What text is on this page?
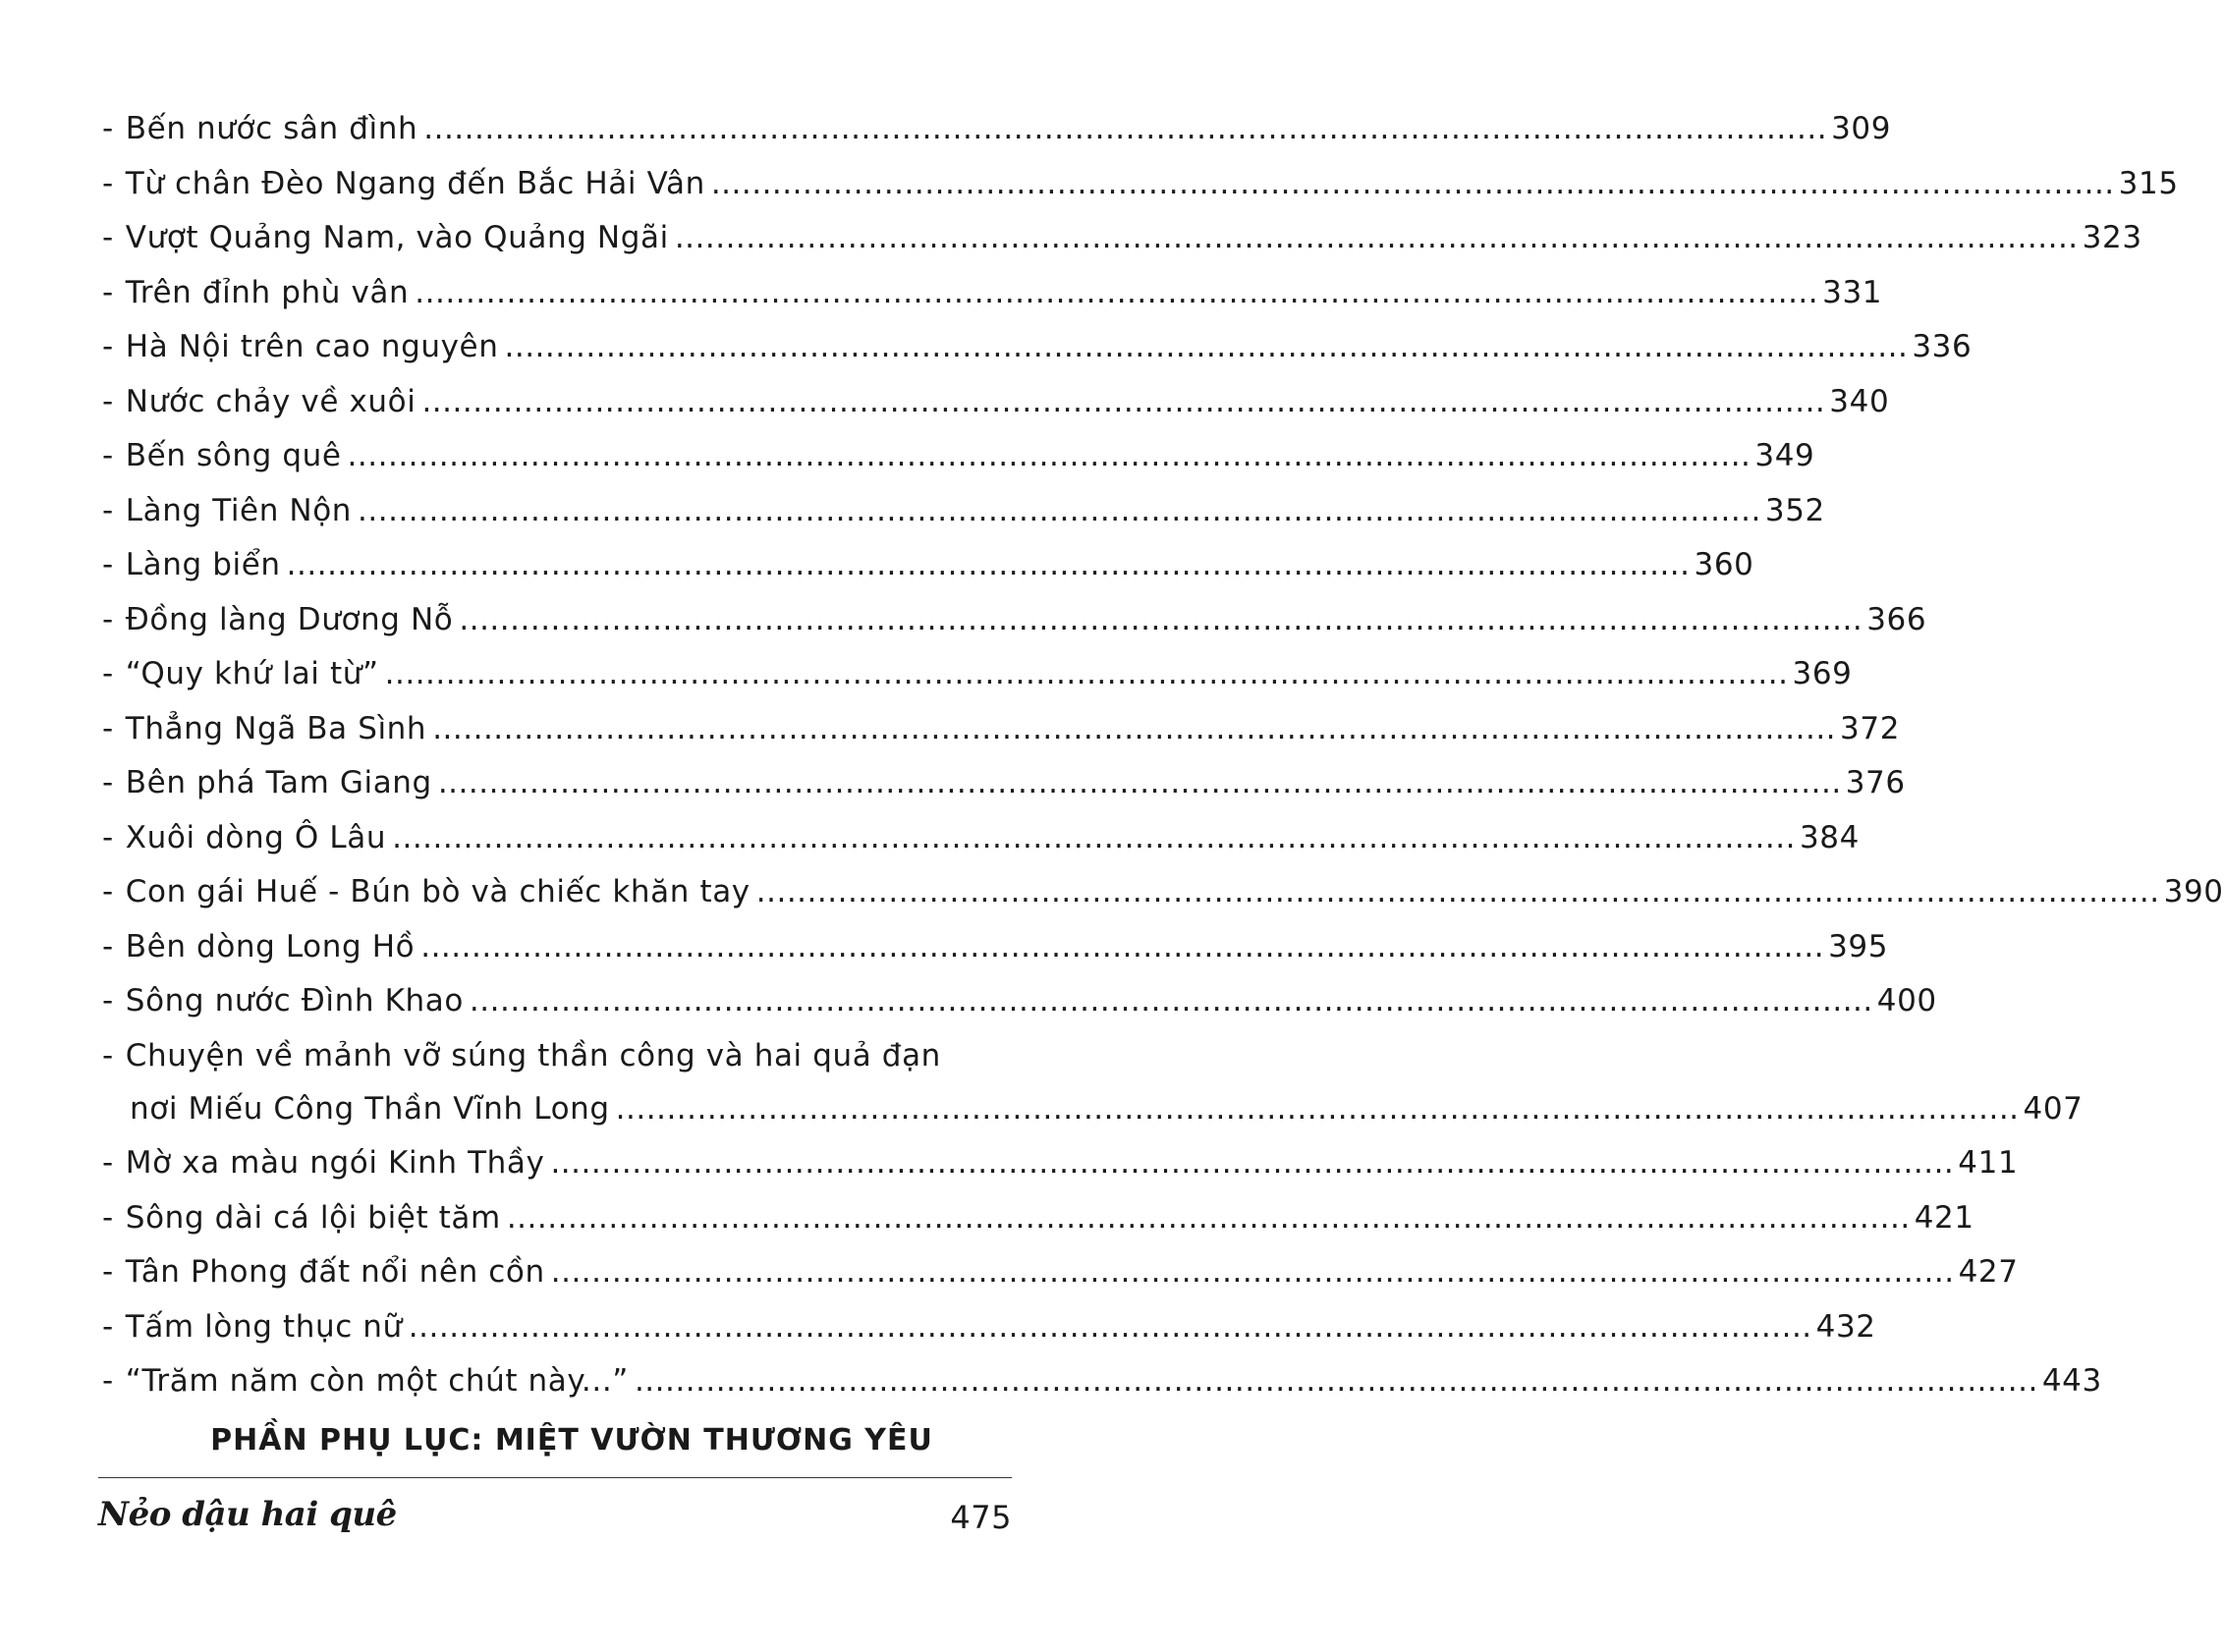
- Bến nước sân đình .......................................................................................................................................... 309
- Từ chân Đèo Ngang đến Bắc Hải Vân .......................................................................................................................................... 315
- Vượt Quảng Nam, vào Quảng Ngãi .......................................................................................................................................... 323
- Trên đỉnh phù vân .......................................................................................................................................... 331
- Hà Nội trên cao nguyên .......................................................................................................................................... 336
- Nước chảy về xuôi .......................................................................................................................................... 340
- Bến sông quê .......................................................................................................................................... 349
- Làng Tiên Nộn .......................................................................................................................................... 352
- Làng biển .......................................................................................................................................... 360
- Đồng làng Dương Nỗ .......................................................................................................................................... 366
- “Quy khứ lai từ” .......................................................................................................................................... 369
- Thẳng Ngã Ba Sình .......................................................................................................................................... 372
- Bên phá Tam Giang .......................................................................................................................................... 376
- Xuôi dòng Ô Lâu .......................................................................................................................................... 384
- Con gái Huế - Bún bò và chiếc khăn tay .......................................................................................................................................... 390
- Bên dòng Long Hồ .......................................................................................................................................... 395
- Sông nước Đình Khao .......................................................................................................................................... 400
- Chuyện về mảnh vỡ súng thần công và hai quả đạn
nơi Miếu Công Thần Vĩnh Long .......................................................................................................................................... 407
- Mờ xa màu ngói Kinh Thầy .......................................................................................................................................... 411
- Sông dài cá lội biệt tăm .......................................................................................................................................... 421
- Tân Phong đất nổi nên cồn .......................................................................................................................................... 427
- Tấm lòng thục nữ .......................................................................................................................................... 432
- “Trăm năm còn một chút này...” .......................................................................................................................................... 443
PHẦN PHỤ LỤC: MIỆT VƯỜN THƯƠNG YÊU
Nẻo dậu hai quê	475
